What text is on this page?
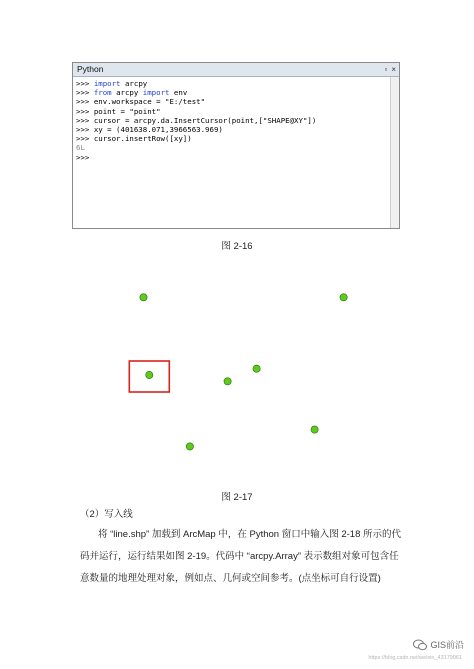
Python	▫ ×
>>> import arcpy
>>> from arcpy import env
>>> env.workspace = "E:/test"
>>> point = "point"
>>> cursor = arcpy.da.InsertCursor(point,["SHAPE@XY"])
>>> xy = (401638.071,3966563.969)
>>> cursor.insertRow([xy])
6L
>>>
图 2-16
图 2-17
（2）写入线
将 “line.shp” 加载到 ArcMap 中，在 Python 窗口中输入图 2-18 所示的代
码并运行，运行结果如图 2-19。代码中 “arcpy.Array” 表示数组对象可包含任
意数量的地理处理对象，例如点、几何或空间参考。(点坐标可自行设置)
GIS前沿
https://blog.csdn.net/weixin_43179061
